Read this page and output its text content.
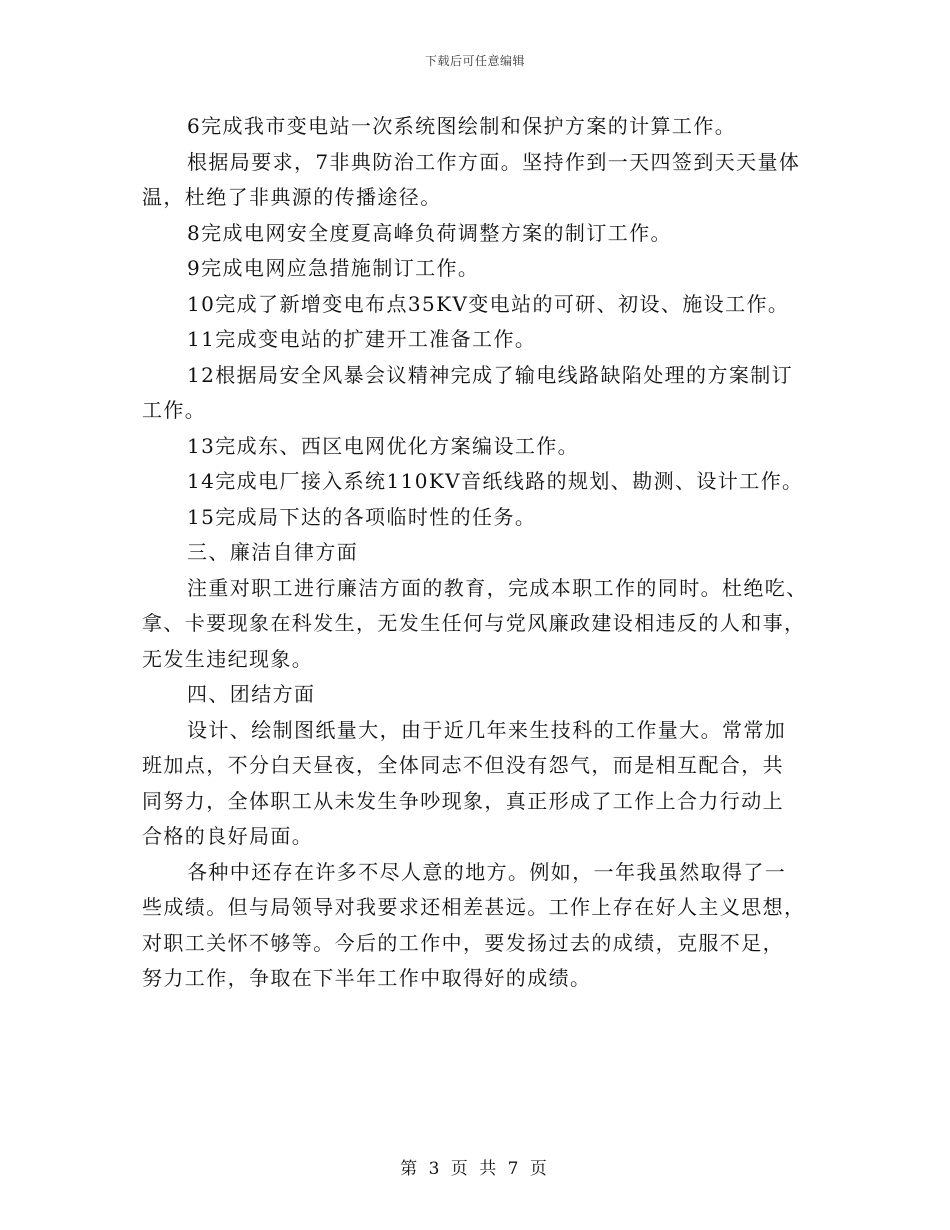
下载后可任意编辑
6完成我市变电站一次系统图绘制和保护方案的计算工作。
根据局要求，7非典防治工作方面。坚持作到一天四签到天天量体
温，杜绝了非典源的传播途径。
8完成电网安全度夏高峰负荷调整方案的制订工作。
9完成电网应急措施制订工作。
10完成了新增变电布点35KV变电站的可研、初设、施设工作。
11完成变电站的扩建开工准备工作。
12根据局安全风暴会议精神完成了输电线路缺陷处理的方案制订
工作。
13完成东、西区电网优化方案编设工作。
14完成电厂接入系统110KV音纸线路的规划、勘测、设计工作。
15完成局下达的各项临时性的任务。
三、廉洁自律方面
注重对职工进行廉洁方面的教育，完成本职工作的同时。杜绝吃、
拿、卡要现象在科发生，无发生任何与党风廉政建设相违反的人和事，
无发生违纪现象。
四、团结方面
设计、绘制图纸量大，由于近几年来生技科的工作量大。常常加
班加点，不分白天昼夜，全体同志不但没有怨气，而是相互配合，共
同努力，全体职工从未发生争吵现象，真正形成了工作上合力行动上
合格的良好局面。
各种中还存在许多不尽人意的地方。例如，一年我虽然取得了一
些成绩。但与局领导对我要求还相差甚远。工作上存在好人主义思想，
对职工关怀不够等。今后的工作中，要发扬过去的成绩，克服不足，
努力工作，争取在下半年工作中取得好的成绩。
第 3 页 共 7 页
